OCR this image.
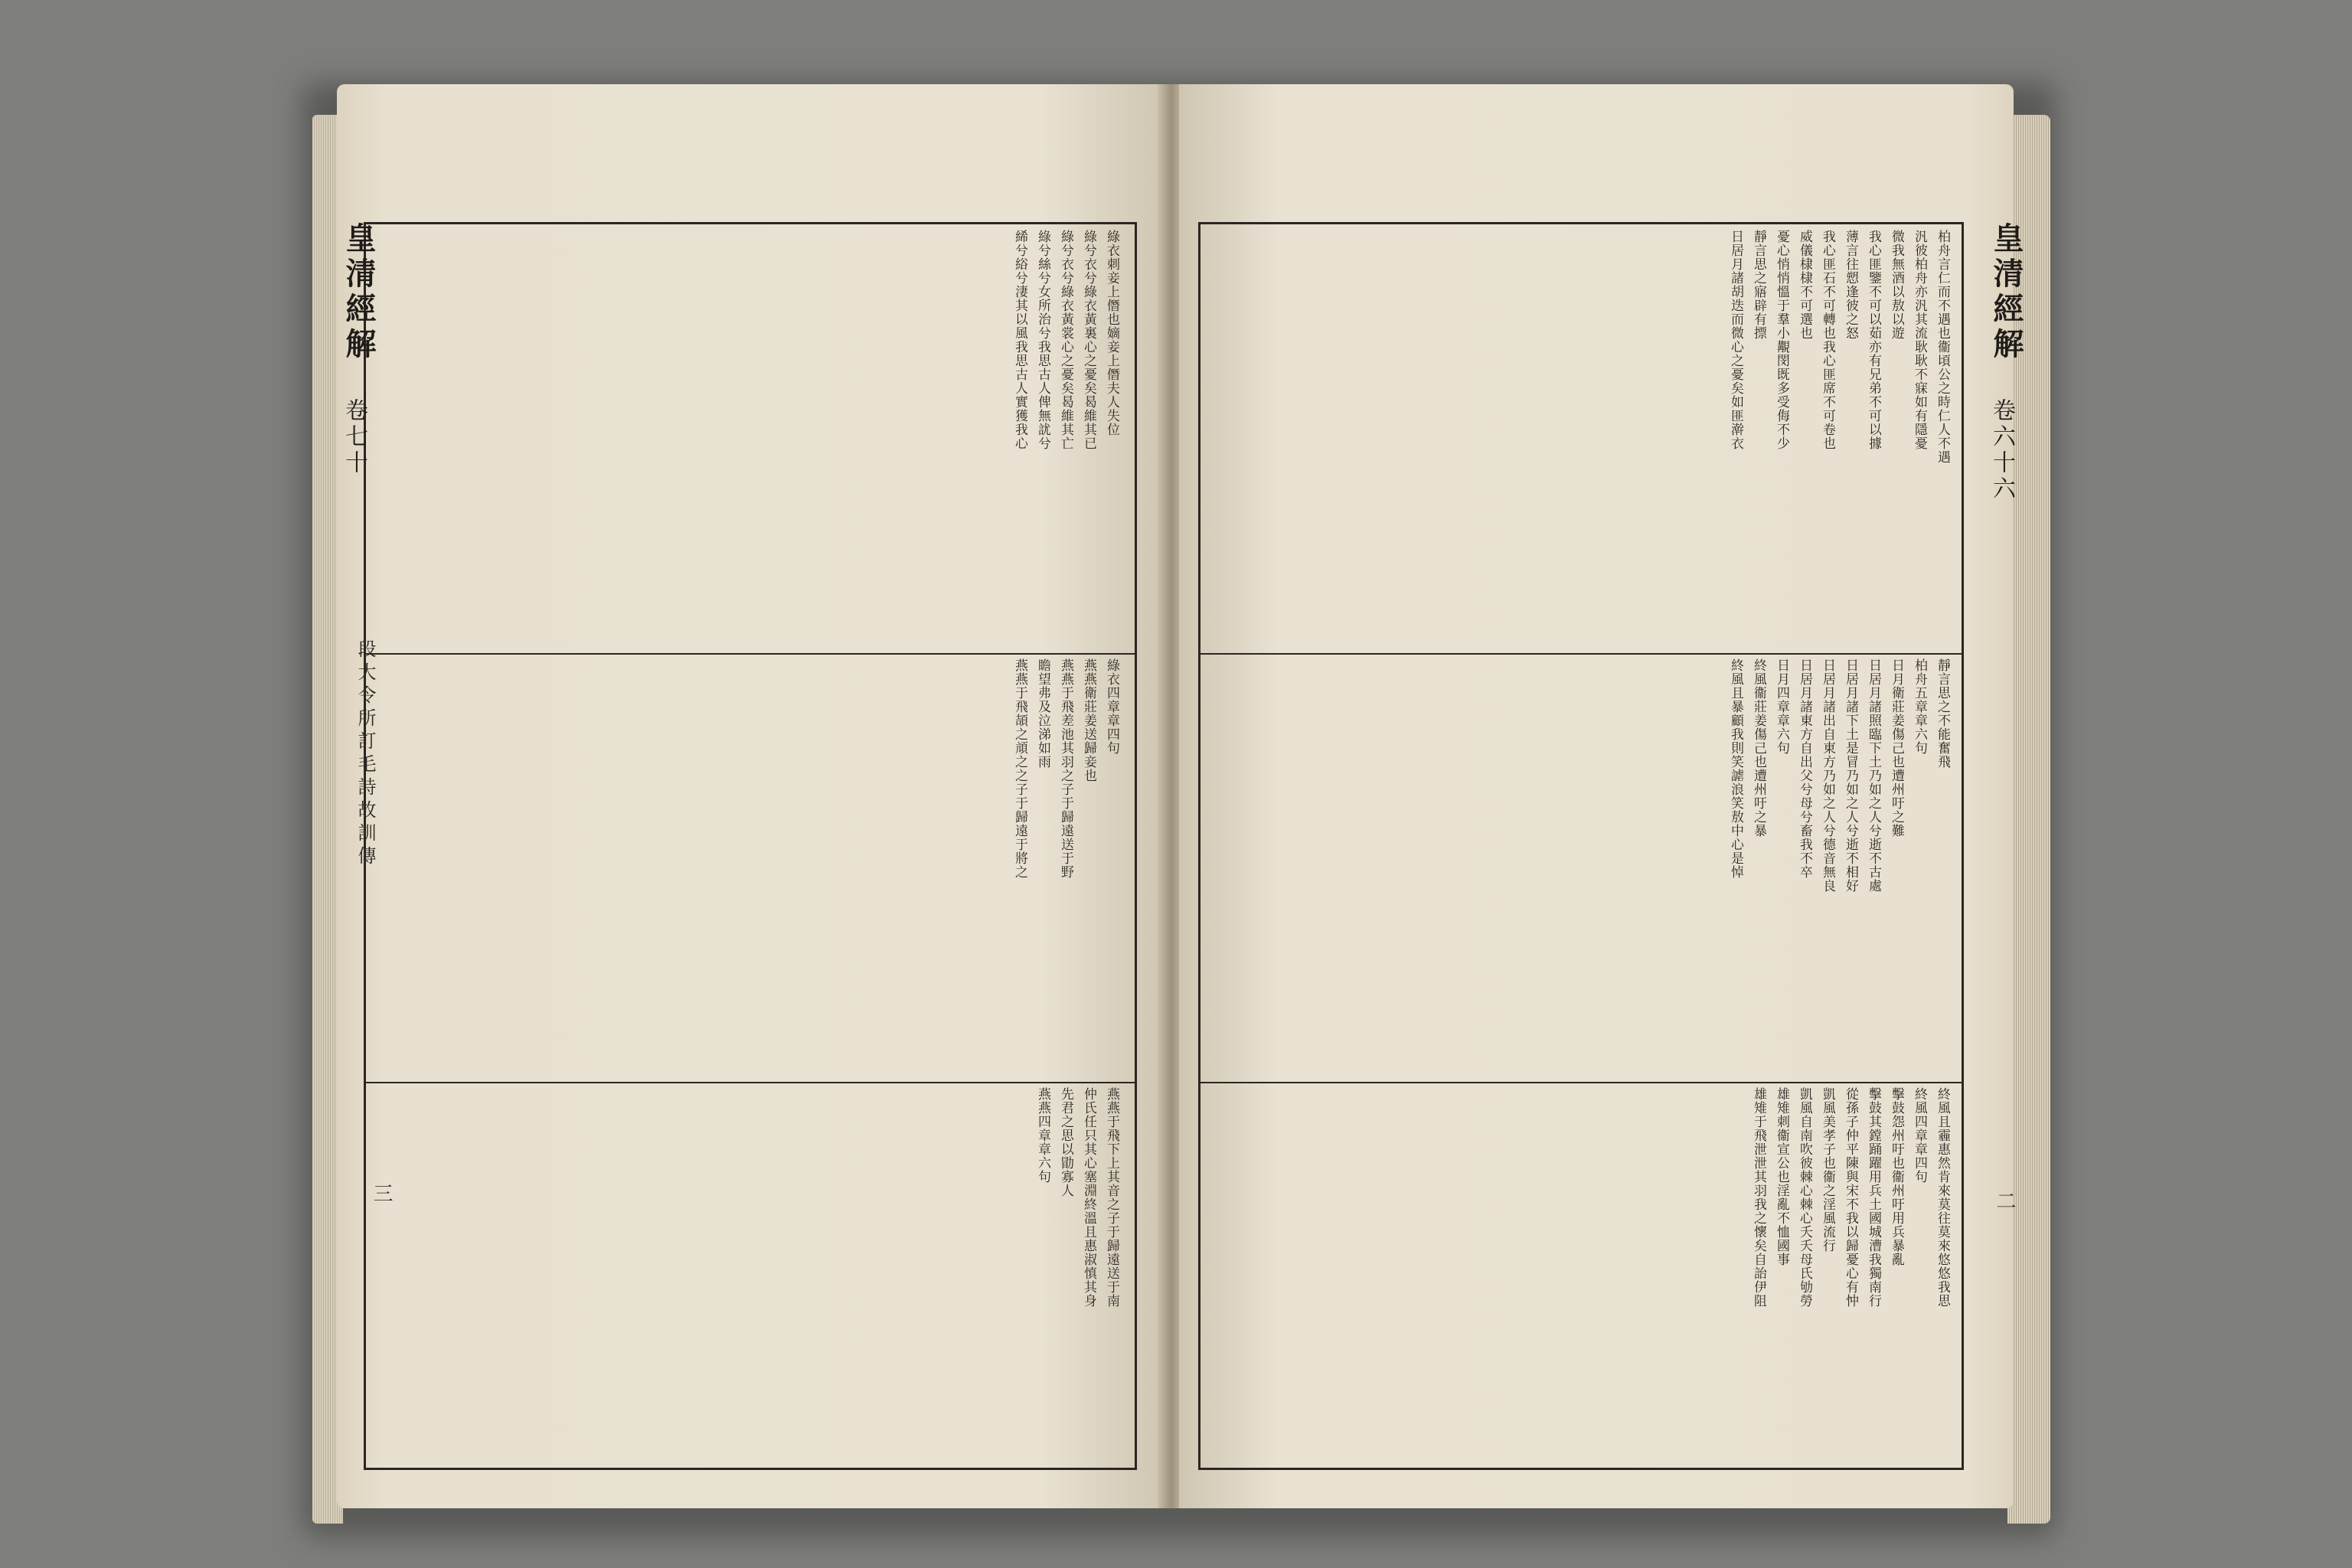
綠衣刺妾上僭也嫡妾上僭夫人失位
綠兮衣兮綠衣黃裏心之憂矣曷維其已
綠兮衣兮綠衣黃裳心之憂矣曷維其亡
綠兮絲兮女所治兮我思古人俾無訧兮
絺兮綌兮淒其以風我思古人實獲我心
綠衣四章章四句
燕燕衛莊姜送歸妾也
燕燕于飛差池其羽之子于歸遠送于野
瞻望弗及泣涕如雨
燕燕于飛頡之頏之之子于歸遠于將之
燕燕于飛下上其音之子于歸遠送于南
仲氏任只其心塞淵終溫且惠淑慎其身
先君之思以勖寡人
燕燕四章章六句
皇清經解
卷七十
段大令所訂毛詩故訓傳
三
柏舟言仁而不遇也衞頃公之時仁人不遇
汎彼柏舟亦汎其流耿耿不寐如有隱憂
微我無酒以敖以遊
我心匪鑒不可以茹亦有兄弟不可以據
薄言往愬逢彼之怒
我心匪石不可轉也我心匪席不可卷也
威儀棣棣不可選也
憂心悄悄慍于羣小覯閔既多受侮不少
靜言思之寤辟有摽
日居月諸胡迭而微心之憂矣如匪澣衣
靜言思之不能奮飛
柏舟五章章六句
日月衛莊姜傷己也遭州吁之難
日居月諸照臨下土乃如之人兮逝不古處
日居月諸下土是冒乃如之人兮逝不相好
日居月諸出自東方乃如之人兮德音無良
日居月諸東方自出父兮母兮畜我不卒
日月四章章六句
終風衞莊姜傷己也遭州吁之暴
終風且暴顧我則笑謔浪笑敖中心是悼
終風且霾惠然肯來莫往莫來悠悠我思
終風四章章四句
擊鼓怨州吁也衞州吁用兵暴亂
擊鼓其鏜踊躍用兵土國城漕我獨南行
從孫子仲平陳與宋不我以歸憂心有忡
凱風美孝子也衞之淫風流行
凱風自南吹彼棘心棘心夭夭母氏劬勞
雄雉刺衞宣公也淫亂不恤國事
雄雉于飛泄泄其羽我之懷矣自詒伊阻
皇清經解
卷六十六
二
